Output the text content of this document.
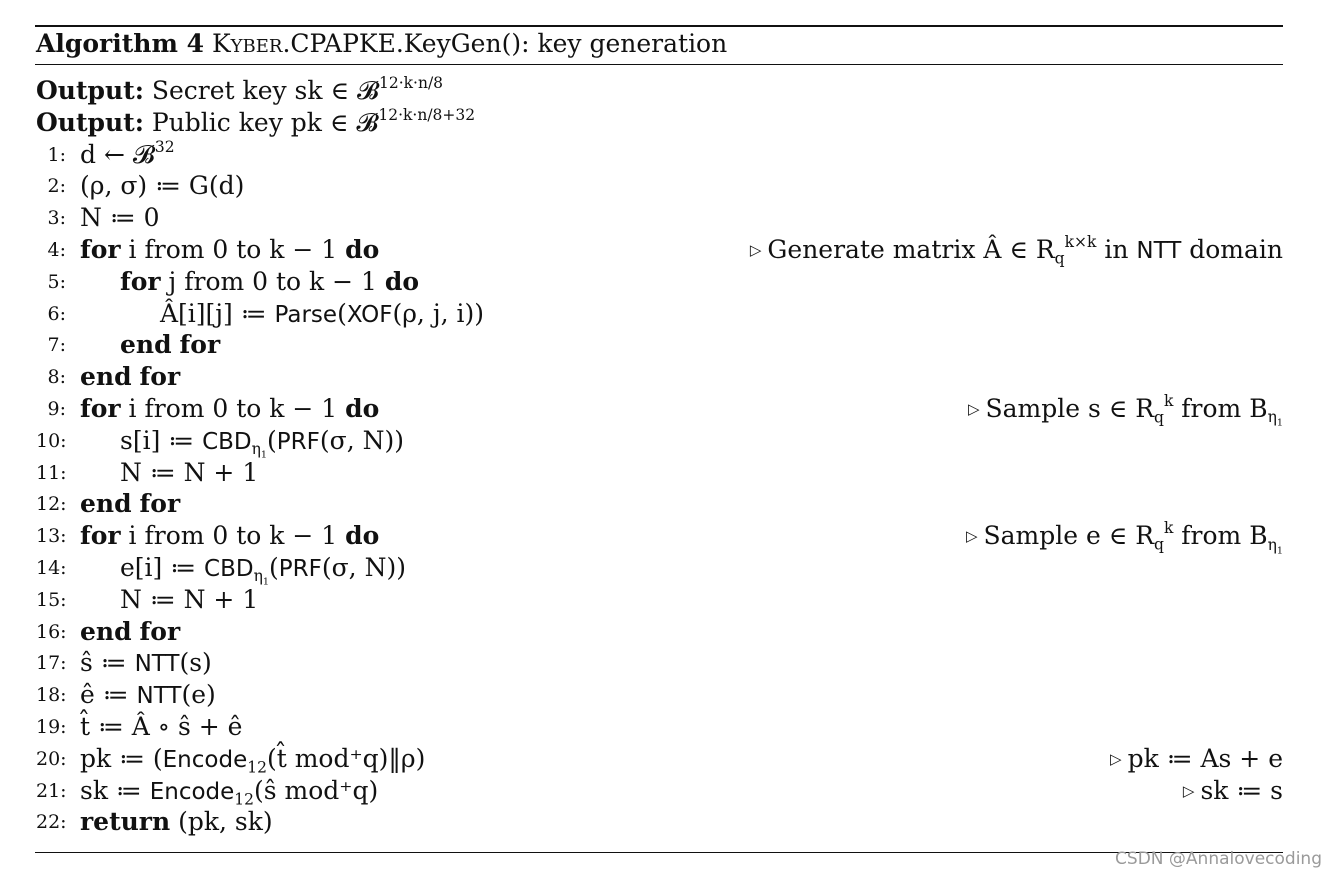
Algorithm 4 Kyber.CPAPKE.KeyGen(): key generation
Output: Secret key sk ∈ 𝓑$^{12\cdot k\cdot n/8}$
Output: Public key pk ∈ 𝓑$^{12\cdot k\cdot n/8+32}$
1: d ← 𝓑$^{32}$
2: (ρ, σ) ≔ G(d)
3: N ≔ 0
4: for i from 0 to k − 1 do	▷ Generate matrix Â ∈ $R_q^{k\times k}$ in NTT domain
5: for j from 0 to k − 1 do
6:	Â[i][j] ≔ Parse(XOF(ρ, j, i))
7: end for
8: end for
9: for i from 0 to k − 1 do	▷ Sample s ∈ $R_q^k$ from $B_{\eta_1}$
10: s[i] ≔ $CBD_{\eta_1}(PRF(\sigma$, N))
11: N ≔ N + 1
12: end for
13: for i from 0 to k − 1 do	▷ Sample e ∈ $R_q^k$ from $B_{\eta_1}$
14: e[i] ≔ $CBD_{\eta_1}(PRF(\sigma$, N))
15: N ≔ N + 1
16: end for
17: ŝ ≔ NTT(s)
18: ê ≔ NTT(e)
19: t̂ ≔ Â ∘ ŝ + ê
20: pk ≔ (Encode$_{12}$(t̂ mod⁺q)‖ρ)	▷ pk ≔ As + e
21: sk ≔ Encode$_{12}$(ŝ mod⁺q)	▷ sk ≔ s
22: return (pk, sk)
CSDN @Annalovecoding
